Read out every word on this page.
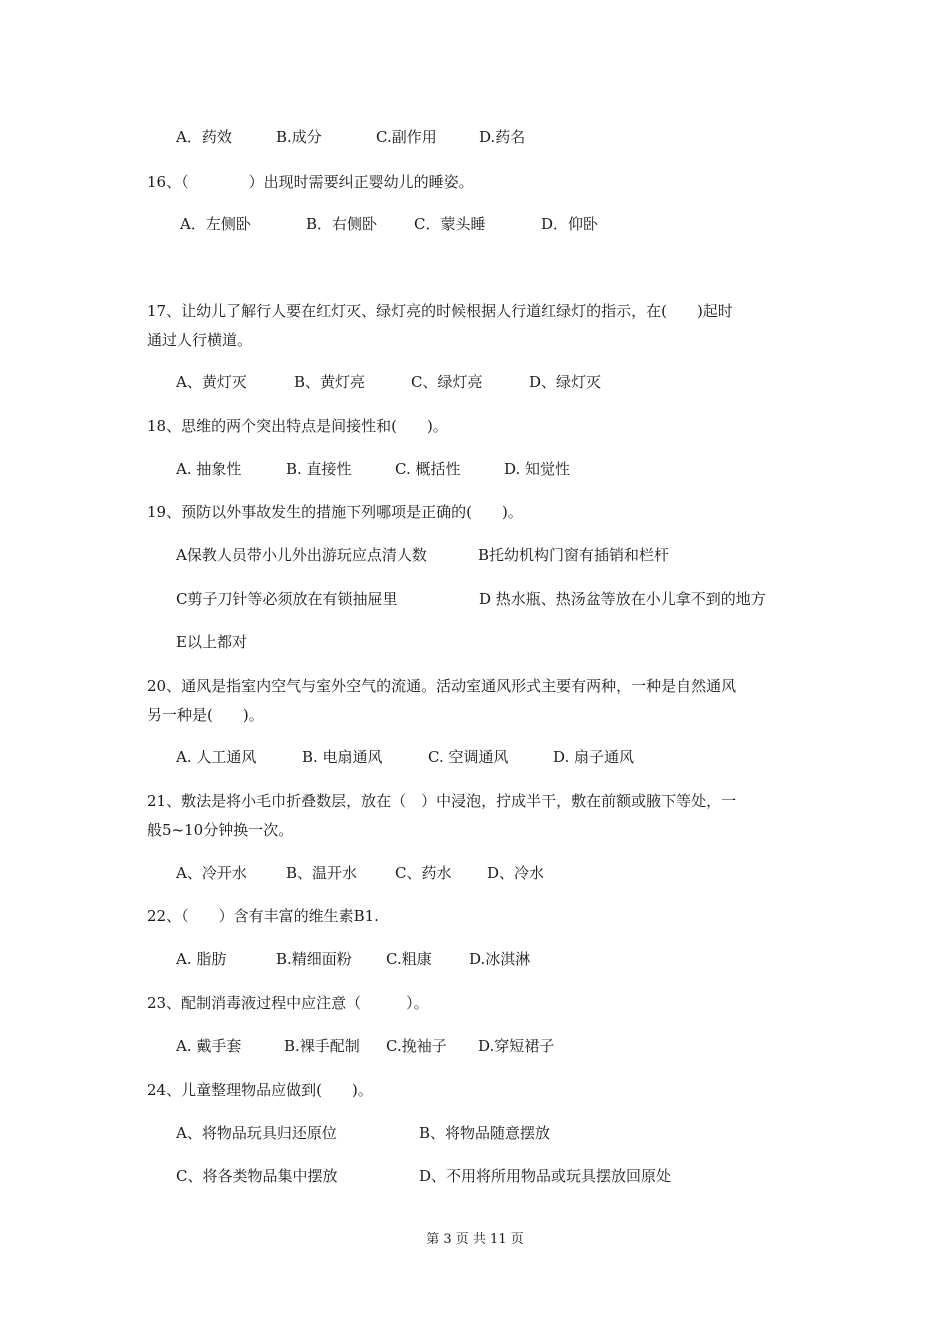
A．药效	B.成分	C.副作用	D.药名
16、（　　　　）出现时需要纠正婴幼儿的睡姿。
A．左侧卧	B．右侧卧 C．蒙头睡	D．仰卧
17、让幼儿了解行人要在红灯灭、绿灯亮的时候根据人行道红绿灯的指示，在(　　)起时
通过人行横道。
A、黄灯灭	B、黄灯亮	C、绿灯亮	D、绿灯灭
18、思维的两个突出特点是间接性和(　　)。
A. 抽象性	B. 直接性	C. 概括性	D. 知觉性
19、预防以外事故发生的措施下列哪项是正确的(　　)。
A保教人员带小儿外出游玩应点清人数	B托幼机构门窗有插销和栏杆
C剪子刀针等必须放在有锁抽屉里	D 热水瓶、热汤盆等放在小儿拿不到的地方
E以上都对
20、通风是指室内空气与室外空气的流通。活动室通风形式主要有两种，一种是自然通风
另一种是(　　)。
A. 人工通风	B. 电扇通风	C. 空调通风	D. 扇子通风
21、敷法是将小毛巾折叠数层，放在（　）中浸泡，拧成半干，敷在前额或腋下等处，一
般5~10分钟换一次。
A、冷开水	B、温开水	C、药水 D、冷水
22、（　　）含有丰富的维生素B1.
A. 脂肪	B.精细面粉 C.粗康 D.冰淇淋
23、配制消毒液过程中应注意（　　　）。
A. 戴手套	B.裸手配制 C.挽袖子 D.穿短裙子
24、儿童整理物品应做到(　　)。
A、将物品玩具归还原位	B、将物品随意摆放
C、将各类物品集中摆放	D、不用将所用物品或玩具摆放回原处
第 3 页 共 11 页
